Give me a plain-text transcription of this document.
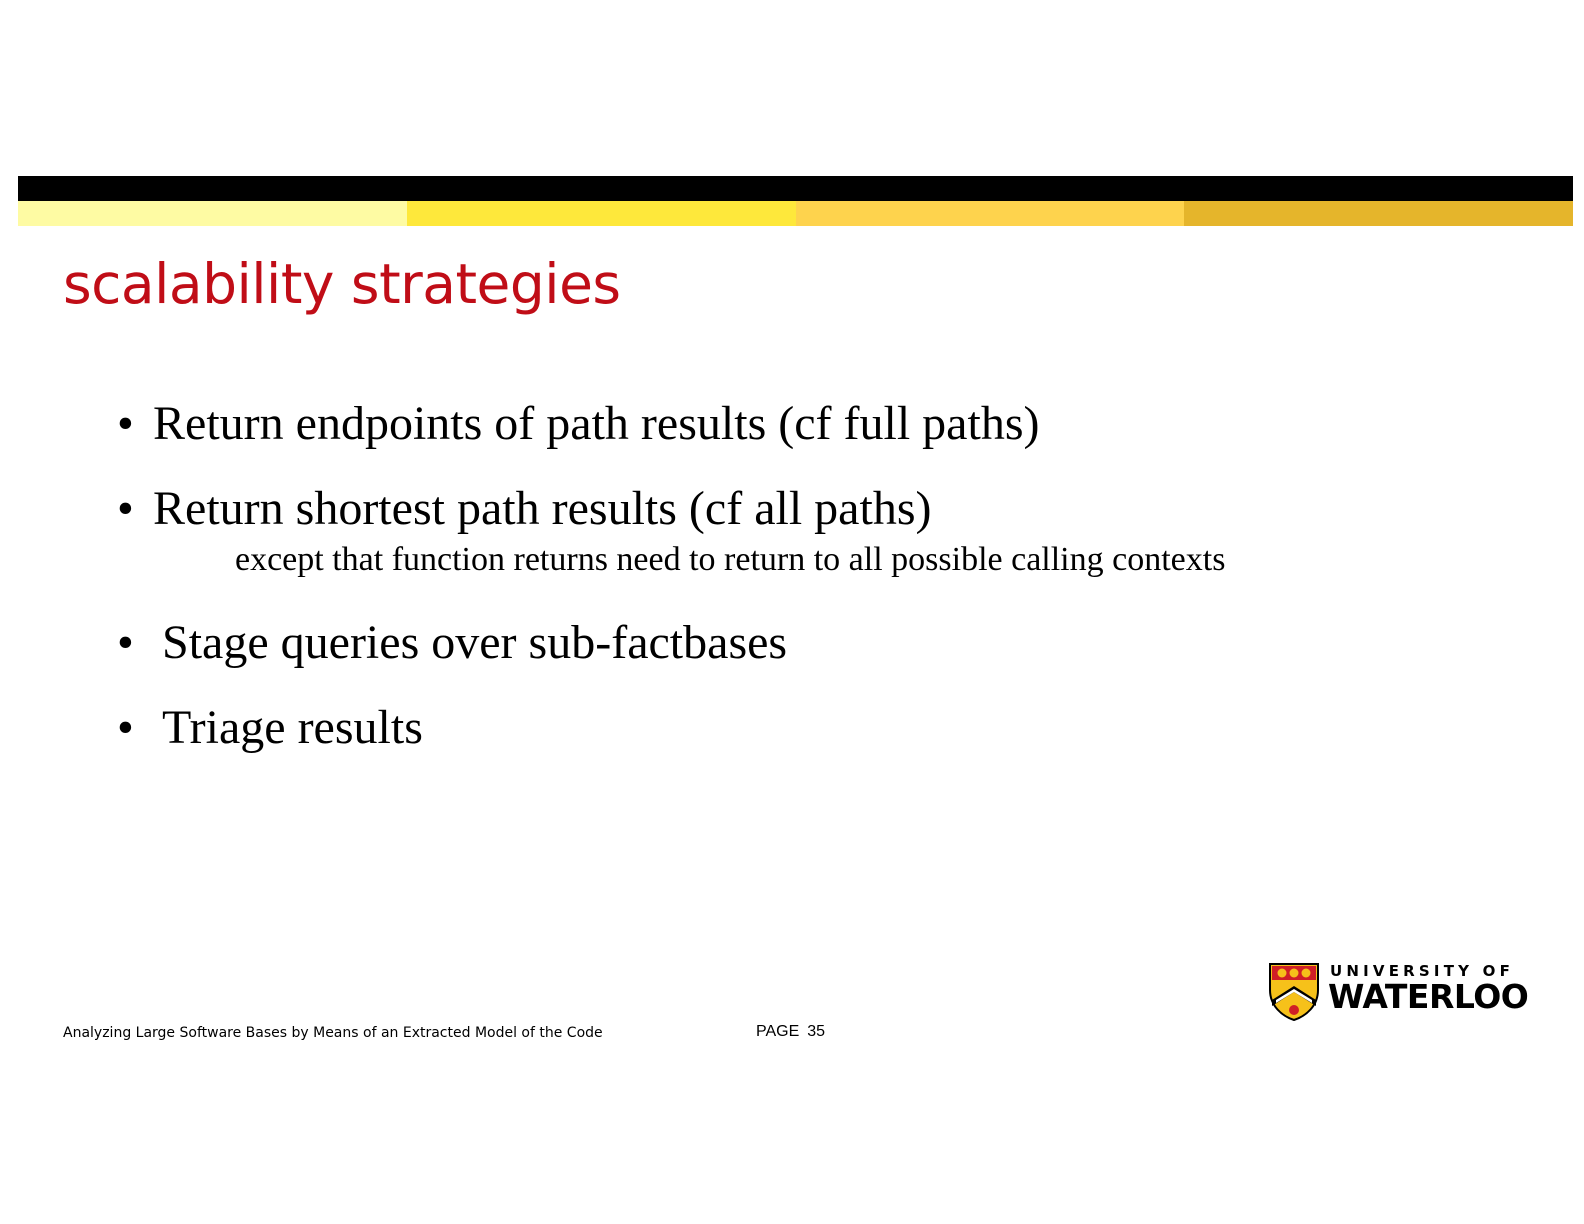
scalability strategies
• Return endpoints of path results (cf full paths)
• Return shortest path results (cf all paths)
except that function returns need to return to all possible calling contexts
• Stage queries over sub-factbases
• Triage results
Analyzing Large Software Bases by Means of an Extracted Model of the Code	PAGE 35
UNIVERSITY OF
WATERLOO
